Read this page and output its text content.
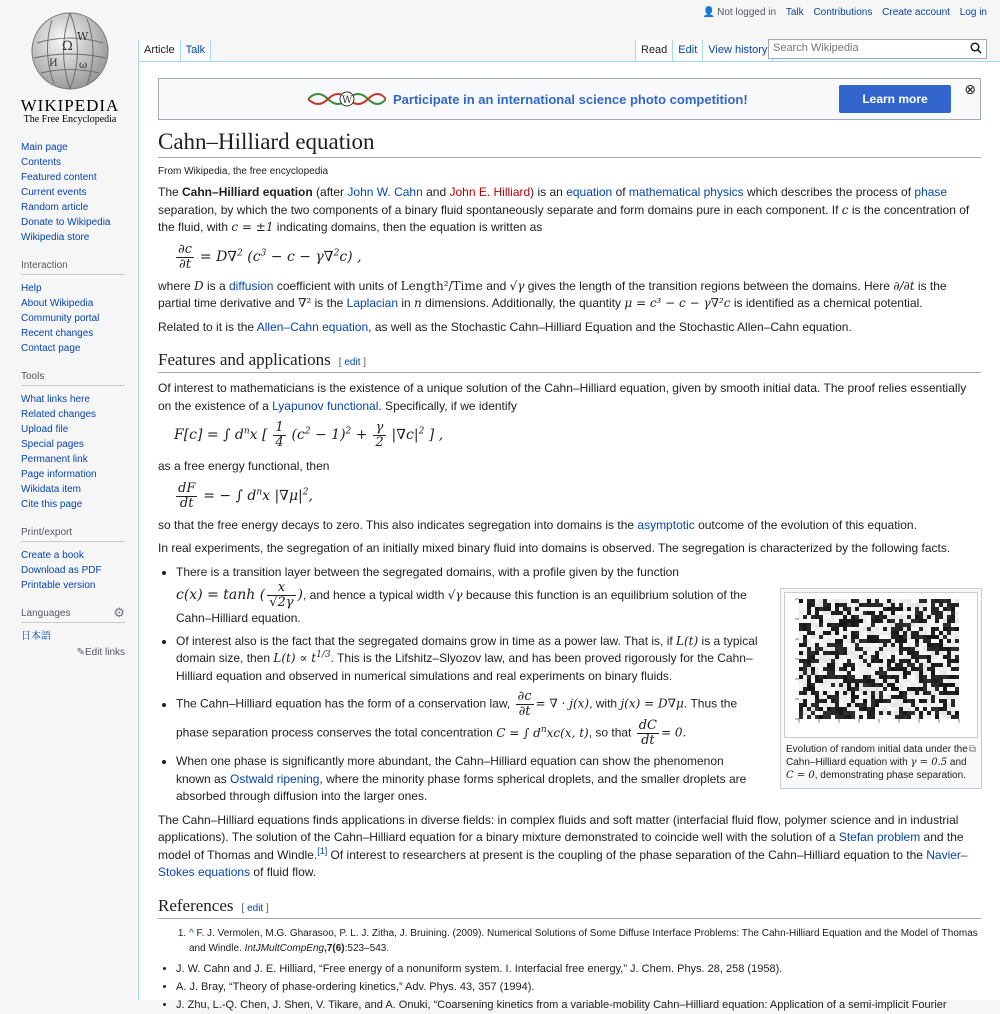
Ω
W
И ω
WIKIPEDIA
The Free Encyclopedia
Main page
Contents
Featured content
Current events
Random article
Donate to Wikipedia
Wikipedia store
Interaction
Help
About Wikipedia
Community portal
Recent changes
Contact page
Tools
What links here
Related changes
Upload file
Special pages
Permanent link
Page information
Wikidata item
Cite this page
Print/export
Create a book
Download as PDF
Printable version
Languages	⚙
日本語
✎Edit links
👤 Not logged in Talk Contributions Create account Log in
Article	Talk	Read	Edit	View history Search Wikipedia
W	Participate in an international science photo competition!	Learn more
⊗
Cahn–Hilliard equation
From Wikipedia, the free encyclopedia

The Cahn–Hilliard equation (after John W. Cahn and John E. Hilliard) is an equation of mathematical physics which describes the process of phase separation, by which the two components of a binary fluid spontaneously separate and form domains pure in each component. If c is the concentration of the fluid, with c = ±1 indicating domains, then the equation is written as

$\frac{\partial c}{\partial t} = D\nabla^2$ $(c^3 - c - \gamma\nabla^2c)$ ,

where D is a diffusion coefficient with units of Length²/Time and √γ gives the length of the transition regions between the domains. Here ∂/∂t is the partial time derivative and ∇² is the Laplacian in n dimensions. Additionally, the quantity μ = c³ − c − γ∇²c is identified as a chemical potential.

Related to it is the Allen–Cahn equation, as well as the Stochastic Cahn–Hilliard Equation and the Stochastic Allen–Cahn equation.

Features and applications [ edit ]

Of interest to mathematicians is the existence of a unique solution of the Cahn–Hilliard equation, given by smooth initial data. The proof relies essentially on the existence of a Lyapunov functional. Specifically, if we identify

F[c] = ∫ $d^nx$ [ $\frac{1}{4} (c^2 - 1)^2 + \frac{\gamma}{2} |\nabla c|^2$ ] ,

as a free energy functional, then

$\frac{dF}{dt}$ = − ∫ $d^nx$ $|\nabla\mu|^2$,

so that the free energy decays to zero. This also indicates segregation into domains is the asymptotic outcome of the evolution of this equation.

In real experiments, the segregation of an initially mixed binary fluid into domains is observed. The segregation is characterized by the following facts.

• There is a transition layer between the segregated domains, with a profile given by the function
c(x) = tanh ( $\frac{x}{√2\gamma}$ ), and hence a typical width √γ because this function is an equilibrium solution of the Cahn–Hilliard equation.
• Of interest also is the fact that the segregated domains grow in time as a power law. That is, if L(t) is a typical domain size, then $L(t) \propto t^{1/3}$. This is the Lifshitz–Slyozov law, and has been proved rigorously for the Cahn–Hilliard equation and observed in numerical simulations and real experiments on binary fluids.
• The Cahn–Hilliard equation has the form of a conservation law, $\frac{\partial c}{\partial t}$ = ∇ · j(x), with j(x) = D∇μ. Thus the phase separation process conserves the total concentration C = ∫ $d^nxc(x$, t), so that $\frac{dC}{dt} = 0$.
• When one phase is significantly more abundant, the Cahn–Hilliard equation can show the phenomenon known as Ostwald ripening, where the minority phase forms spherical droplets, and the smaller droplets are absorbed through diffusion into the larger ones.

The Cahn–Hilliard equations finds applications in diverse fields: in complex fluids and soft matter (interfacial fluid flow, polymer science and in industrial applications). The solution of the Cahn–Hilliard equation for a binary mixture demonstrated to coincide well with the solution of a Stefan problem and the model of Thomas and Windle.[1] Of interest to researchers at present is the coupling of the phase separation of the Cahn–Hilliard equation to the Navier–Stokes equations of fluid flow.

References [ edit ]
1. ^ F. J. Vermolen, M.G. Gharasoo, P. L. J. Zitha, J. Bruining. (2009). Numerical Solutions of Some Diffuse Interface Problems: The Cahn-Hilliard Equation and the Model of Thomas and Windle. IntJMultCompEng,7(6):523–543.
• J. W. Cahn and J. E. Hilliard, “Free energy of a nonuniform system. I. Interfacial free energy,” J. Chem. Phys. 28, 258 (1958).
• A. J. Bray, “Theory of phase-ordering kinetics,” Adv. Phys. 43, 357 (1994).
• J. Zhu, L.-Q. Chen, J. Shen, V. Tikare, and A. Onuki, “Coarsening kinetics from a variable-mobility Cahn–Hilliard equation: Application of a semi-implicit Fourier
Evolution of random initial data under the Cahn–Hilliard equation with γ = 0.5 and C = 0, demonstrating phase separation.
⧉
